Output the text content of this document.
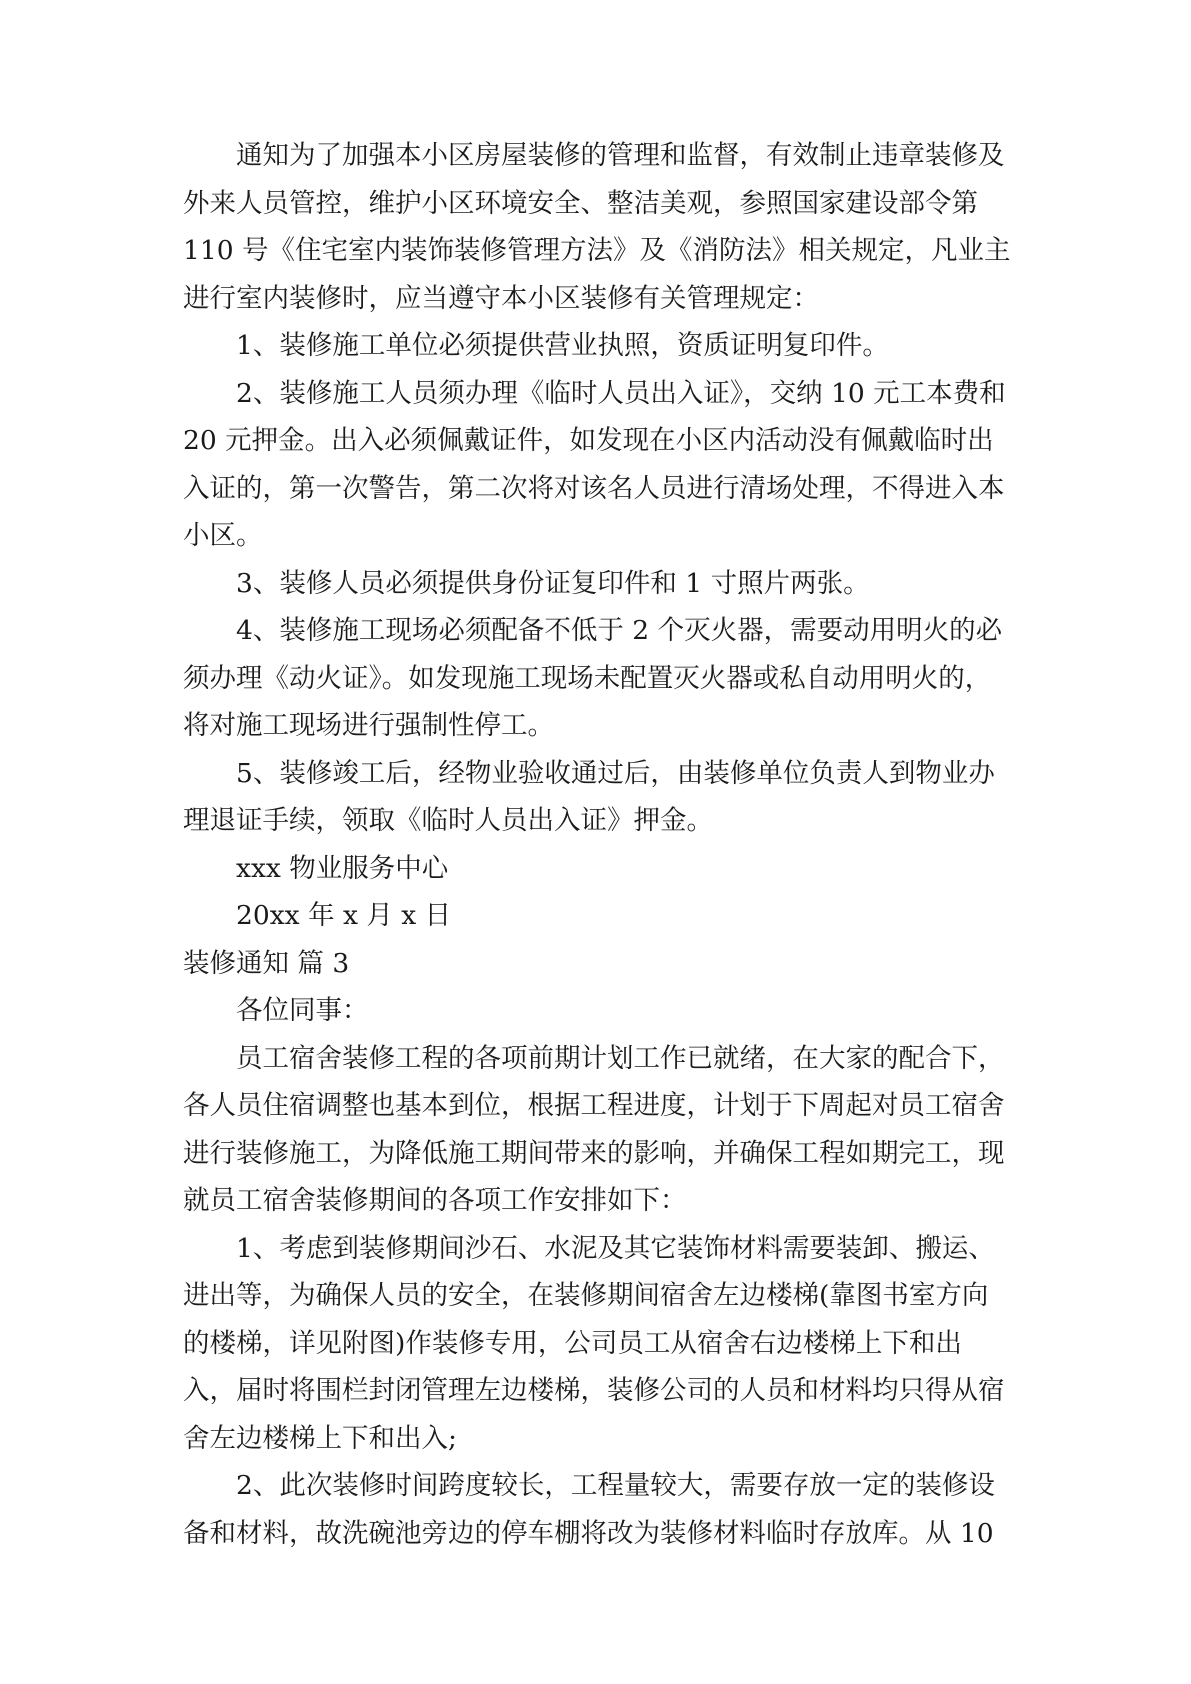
通知为了加强本小区房屋装修的管理和监督，有效制止违章装修及外来人员管控，维护小区环境安全、整洁美观，参照国家建设部令第 110 号《住宅室内装饰装修管理方法》及《消防法》相关规定，凡业主进行室内装修时，应当遵守本小区装修有关管理规定：

1、装修施工单位必须提供营业执照，资质证明复印件。

2、装修施工人员须办理《临时人员出入证》，交纳 10 元工本费和 20 元押金。出入必须佩戴证件，如发现在小区内活动没有佩戴临时出入证的，第一次警告，第二次将对该名人员进行清场处理，不得进入本小区。

3、装修人员必须提供身份证复印件和 1 寸照片两张。

4、装修施工现场必须配备不低于 2 个灭火器，需要动用明火的必须办理《动火证》。如发现施工现场未配置灭火器或私自动用明火的，将对施工现场进行强制性停工。

5、装修竣工后，经物业验收通过后，由装修单位负责人到物业办理退证手续，领取《临时人员出入证》押金。

xxx 物业服务中心

20xx 年 x 月 x 日

装修通知 篇 3

各位同事：

员工宿舍装修工程的各项前期计划工作已就绪，在大家的配合下，各人员住宿调整也基本到位，根据工程进度，计划于下周起对员工宿舍进行装修施工，为降低施工期间带来的影响，并确保工程如期完工，现就员工宿舍装修期间的各项工作安排如下：

1、考虑到装修期间沙石、水泥及其它装饰材料需要装卸、搬运、进出等，为确保人员的安全，在装修期间宿舍左边楼梯(靠图书室方向的楼梯，详见附图)作装修专用，公司员工从宿舍右边楼梯上下和出入，届时将围栏封闭管理左边楼梯，装修公司的人员和材料均只得从宿舍左边楼梯上下和出入;

2、此次装修时间跨度较长，工程量较大，需要存放一定的装修设备和材料，故洗碗池旁边的停车棚将改为装修材料临时存放库。从 10
